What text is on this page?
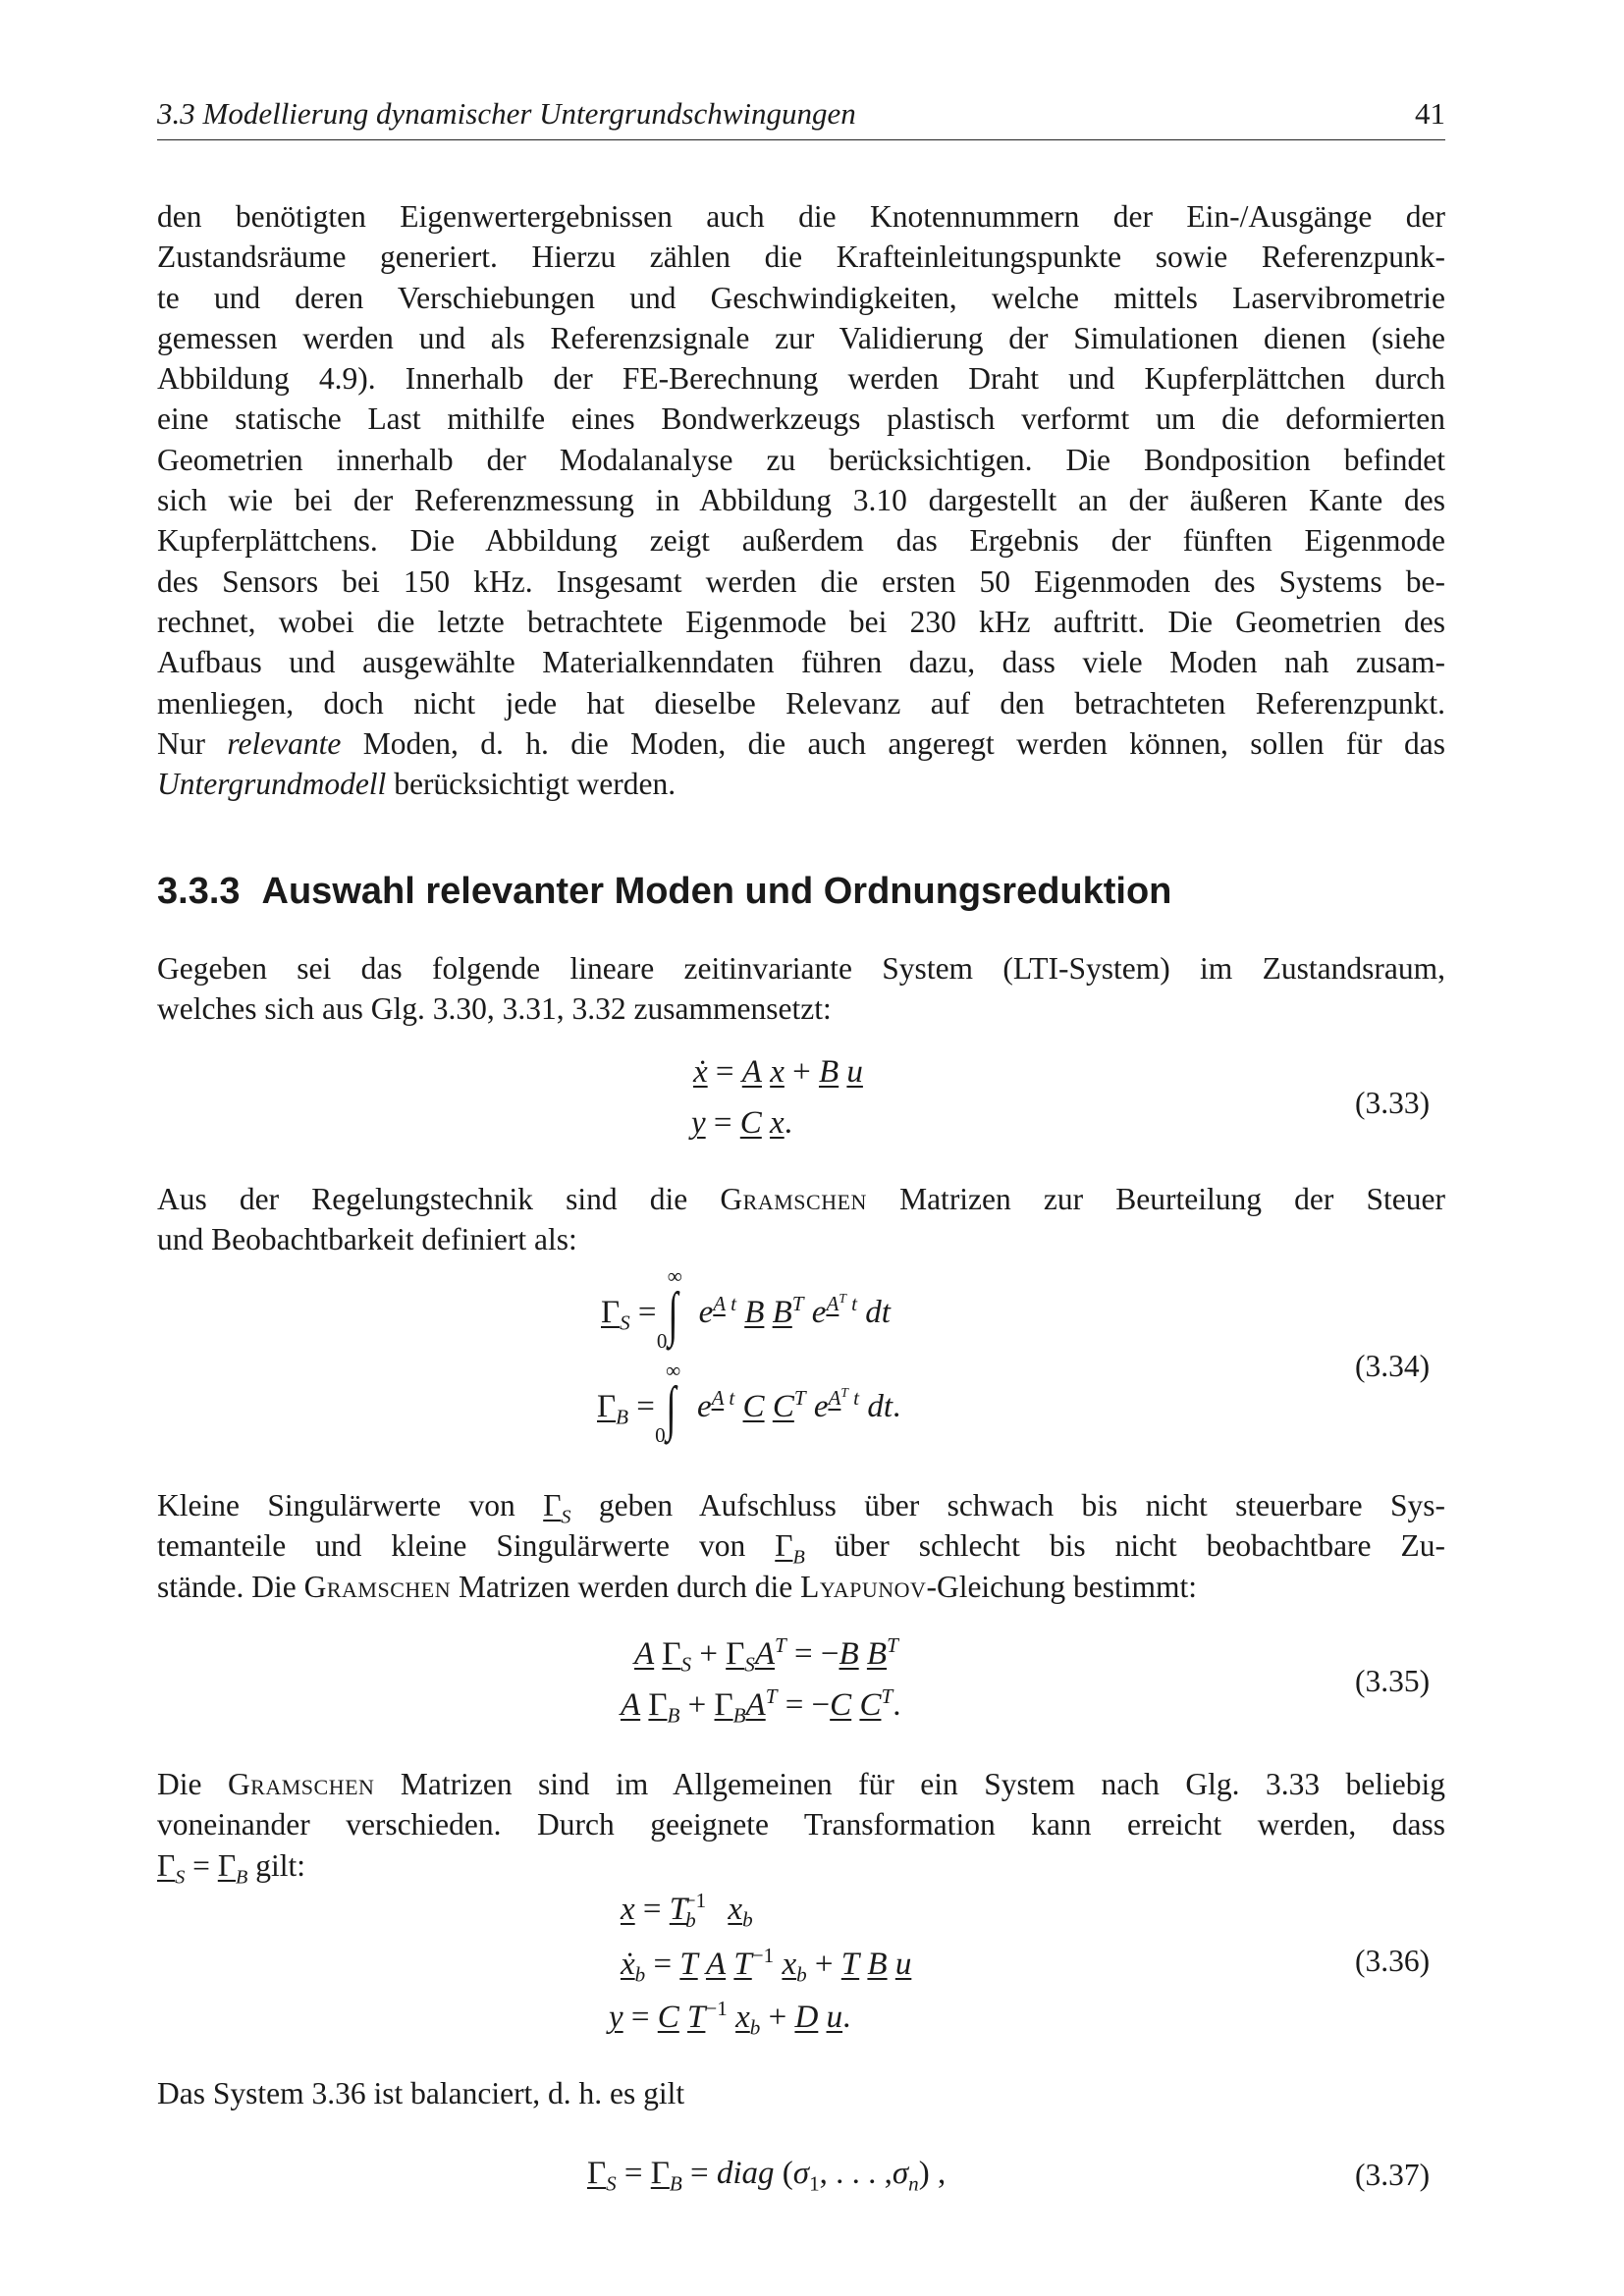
3.3 Modellierung dynamischer Untergrundschwingungen	41
den benötigten Eigenwertergebnissen auch die Knotennummern der Ein-/Ausgänge der
Zustandsräume generiert. Hierzu zählen die Krafteinleitungspunkte sowie Referenzpunk-
te und deren Verschiebungen und Geschwindigkeiten, welche mittels Laservibrometrie
gemessen werden und als Referenzsignale zur Validierung der Simulationen dienen (siehe
Abbildung 4.9). Innerhalb der FE-Berechnung werden Draht und Kupferplättchen durch
eine statische Last mithilfe eines Bondwerkzeugs plastisch verformt um die deformierten
Geometrien innerhalb der Modalanalyse zu berücksichtigen. Die Bondposition befindet
sich wie bei der Referenzmessung in Abbildung 3.10 dargestellt an der äußeren Kante des
Kupferplättchens. Die Abbildung zeigt außerdem das Ergebnis der fünften Eigenmode
des Sensors bei 150 kHz. Insgesamt werden die ersten 50 Eigenmoden des Systems be-
rechnet, wobei die letzte betrachtete Eigenmode bei 230 kHz auftritt. Die Geometrien des
Aufbaus und ausgewählte Materialkenndaten führen dazu, dass viele Moden nah zusam-
menliegen, doch nicht jede hat dieselbe Relevanz auf den betrachteten Referenzpunkt.
Nur relevante Moden, d. h. die Moden, die auch angeregt werden können, sollen für das
Untergrundmodell berücksichtigt werden.
3.3.3 Auswahl relevanter Moden und Ordnungsreduktion
Gegeben sei das folgende lineare zeitinvariante System (LTI-System) im Zustandsraum,
welches sich aus Glg. 3.30, 3.31, 3.32 zusammensetzt:
ẋ = A x + B u
y = C x.
(3.33)
Aus der Regelungstechnik sind die Gramschen Matrizen zur Beurteilung der Steuer
und Beobachtbarkeit definiert als:
$\Gamma_S = \int^\infty_0$ $e^{A t}$ B $B^T$ $e^{A^T t}$ dt
$\Gamma_B = \int^\infty_0$ $e^{A t}$ C $C^T$ $e^{A^T t}$ dt.
(3.34)
Kleine Singulärwerte von $\Gamma_S$ geben Aufschluss über schwach bis nicht steuerbare Sys-
temanteile und kleine Singulärwerte von $\Gamma_B$ über schlecht bis nicht beobachtbare Zu-
stände. Die Gramschen Matrizen werden durch die Lyapunov-Gleichung bestimmt:
A $\Gamma_S + \Gamma_SA^T = -B$ $B^T$
A $\Gamma_B + \Gamma_BA^T = -C$ $C^T$.
(3.35)
Die Gramschen Matrizen sind im Allgemeinen für ein System nach Glg. 3.33 beliebig
voneinander verschieden. Durch geeignete Transformation kann erreicht werden, dass
$\Gamma_S = \Gamma_B$ gilt:
$x = T_b^{-1}$ $x_b$
ẋ$_b$ = T A $T^{-1}$ $x_b + T$ B u
y = C $T^{-1}$ $x_b + D$ u.
(3.36)
Das System 3.36 ist balanciert, d. h. es gilt
$\Gamma_S = \Gamma_B$ = diag ($\sigma_1$, . . . $,\sigma_n$) ,	(3.37)
